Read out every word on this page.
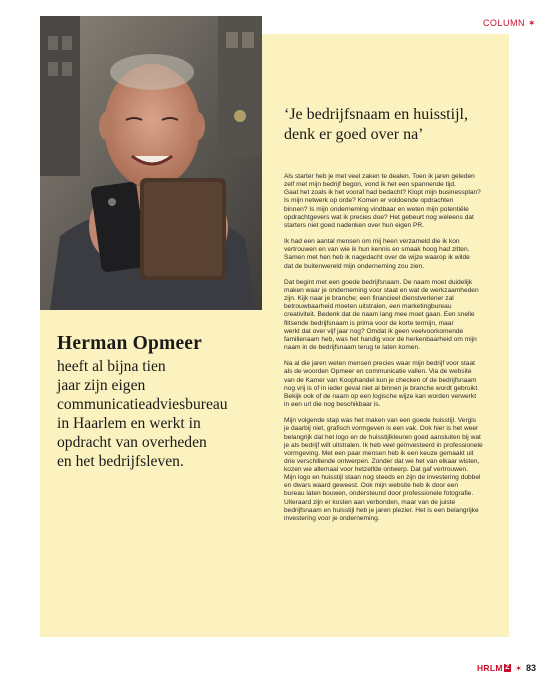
COLUMN ✶
Herman Opmeer
heeft al bijna tien
jaar zijn eigen
communicatieadviesbureau
in Haarlem en werkt in
opdracht van overheden
en het bedrijfsleven.
‘Je bedrijfsnaam en huisstijl,
denk er goed over na’
Als starter heb je met veel zaken te dealen. Toen ik jaren geleden
zelf met mijn bedrijf begon, vond ik het een spannende tijd.
Gaat het zoals ik het vooraf had bedacht? Klopt mijn businessplan?
Is mijn netwerk op orde? Komen er voldoende opdrachten
binnen? Is mijn onderneming vindbaar en weten mijn potentiële
opdrachtgevers wat ik precies doe? Het gebeurt nog weleens dat
starters niet goed nadenken over hun eigen PR.
Ik had een aantal mensen om mij heen verzameld die ik kon
vertrouwen en van wie ik hun kennis en smaak hoog had zitten.
Samen met hen heb ik nagedacht over de wijze waarop ik wilde
dat de buitenwereld mijn onderneming zou zien.
Dat begint met een goede bedrijfsnaam. De naam moet duidelijk
maken waar je onderneming voor staat en wat de werkzaamheden
zijn. Kijk naar je branche; een financieel dienstverlener zal
betrouwbaarheid moeten uitstralen, een marketingbureau
creativiteit. Bedenk dat de naam lang mee moet gaan. Een snelle
flitsende bedrijfsnaam is prima voor de korte termijn, maar
werkt dat over vijf jaar nog? Omdat ik geen veelvoorkomende
familienaam heb, was het handig voor de herkenbaarheid om mijn
naam in de bedrijfsnaam terug te laten komen.
Na al die jaren weten mensen precies waar mijn bedrijf voor staat
als de woorden Opmeer en communicatie vallen. Via de website
van de Kamer van Koophandel kun je checken of de bedrijfsnaam
nog vrij is of in ieder geval niet al binnen je branche wordt gebruikt.
Bekijk ook of de naam op een logische wijze kan worden verwerkt
in een url die nog beschikbaar is.
Mijn volgende stap was het maken van een goede huisstijl. Vergis
je daarbij niet, grafisch vormgeven is een vak. Ook hier is het weer
belangrijk dat het logo en de huisstijlkleuren goed aansluiten bij wat
je als bedrijf wilt uitstralen. Ik heb veel geïnvesteerd in professionele
vormgeving. Met een paar mensen heb ik een keuze gemaakt uit
drie verschillende ontwerpen. Zonder dat we het van elkaar wisten,
kozen we allemaal voor hetzelfde ontwerp. Dat gaf vertrouwen.
Mijn logo en huisstijl staan nog steeds en zijn de investering dubbel
en dwars waard geweest. Ook mijn website heb ik door een
bureau laten bouwen, ondersteund door professionele fotografie.
Uiteraard zijn er kosten aan verbonden, maar van de juiste
bedrijfsnaam en huisstijl heb je jaren plezier. Het is een belangrijke
investering voor je onderneming.
HRLM Z ✶ 83
